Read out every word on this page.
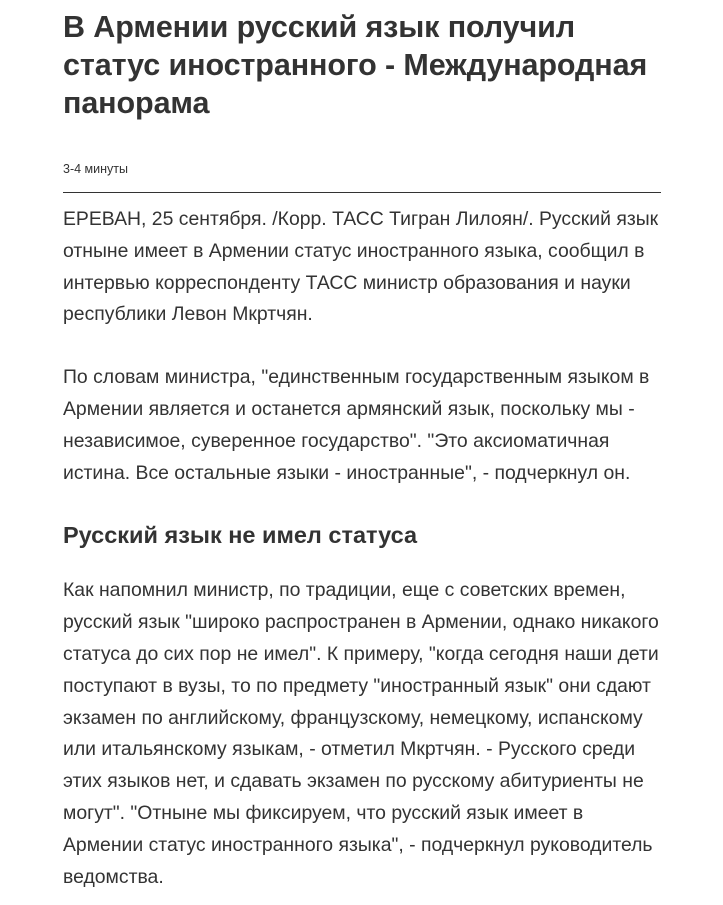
В Армении русский язык получил статус иностранного - Международная панорама
3-4 минуты

ЕРЕВАН, 25 сентября. /Корр. ТАСС Тигран Лилоян/. Русский язык отныне имеет в Армении статус иностранного языка, сообщил в интервью корреспонденту ТАСС министр образования и науки республики Левон Мкртчян.

По словам министра, "единственным государственным языком в Армении является и останется армянский язык, поскольку мы - независимое, суверенное государство". "Это аксиоматичная истина. Все остальные языки - иностранные", - подчеркнул он.

Русский язык не имел статуса

Как напомнил министр, по традиции, еще с советских времен, русский язык "широко распространен в Армении, однако никакого статуса до сих пор не имел". К примеру, "когда сегодня наши дети поступают в вузы, то по предмету "иностранный язык" они сдают экзамен по английскому, французскому, немецкому, испанскому или итальянскому языкам, - отметил Мкртчян. - Русского среди этих языков нет, и сдавать экзамен по русскому абитуриенты не могут". "Отныне мы фиксируем, что русский язык имеет в Армении статус иностранного языка", - подчеркнул руководитель ведомства.
